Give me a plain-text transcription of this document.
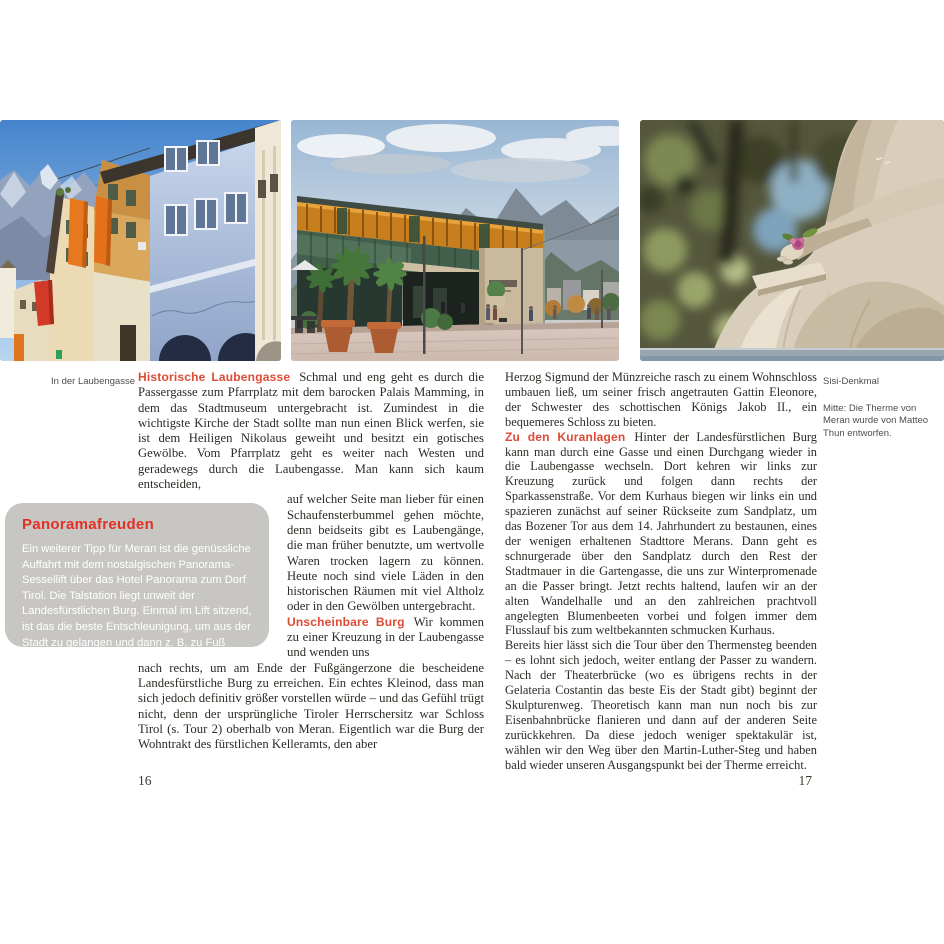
In der Laubengasse Historische Laubengasse Schmal und eng geht es durch die Passergasse zum Pfarrplatz mit dem barocken Palais Mamming, in dem das Stadtmuseum untergebracht ist. Zumindest in die wichtigste Kirche der Stadt sollte man nun einen Blick werfen, sie ist dem Heiligen Nikolaus geweiht und besitzt ein gotisches Gewölbe. Vom Pfarrplatz geht es weiter nach Westen und geradewegs durch die Laubengasse. Man kann sich kaum entscheiden,

auf welcher Seite man lieber für einen Schaufensterbummel gehen möchte, denn beidseits gibt es Laubengänge, die man früher benutzte, um wertvolle Waren trocken lagern zu können. Heute noch sind viele Läden in den historischen Räumen mit viel Altholz oder in den Gewölben untergebracht.

Unscheinbare Burg Wir kommen zu einer Kreuzung in der Laubengasse und wenden uns

nach rechts, um am Ende der Fußgängerzone die bescheidene Landesfürstliche Burg zu erreichen. Ein echtes Kleinod, dass man sich jedoch definitiv größer vorstellen würde – und das Gefühl trügt nicht, denn der ursprüngliche Tiroler Herrschersitz war Schloss Tirol (s. Tour 2) oberhalb von Meran. Eigentlich war die Burg der Wohntrakt des fürstlichen Kelleramts, den aber

Panoramafreuden
Ein weiterer Tipp für Meran ist die genüssliche Auffahrt mit dem nostalgischen Panorama-Sessellift über das Hotel Panorama zum Dorf Tirol. Die Talstation liegt unweit der Landesfürstlichen Burg. Einmal im Lift sitzend, ist das die beste Entschleunigung, um aus der Stadt zu gelangen und dann z. B. zu Fuß wieder nach Meran zurückzuwandern (panoramalift.it).

Herzog Sigmund der Münzreiche rasch zu einem Wohnschloss umbauen ließ, um seiner frisch angetrauten Gattin Eleonore, der Schwester des schottischen Königs Jakob II., ein bequemeres Schloss zu bieten.

Zu den Kuranlagen Hinter der Landesfürstlichen Burg kann man durch eine Gasse und einen Durchgang wieder in die Laubengasse wechseln. Dort kehren wir links zur Kreuzung zurück und folgen dann rechts der Sparkassenstraße. Vor dem Kurhaus biegen wir links ein und spazieren zunächst auf seiner Rückseite zum Sandplatz, um das Bozener Tor aus dem 14. Jahrhundert zu bestaunen, eines der wenigen erhaltenen Stadttore Merans. Dann geht es schnurgerade über den Sandplatz durch den Rest der Stadtmauer in die Gartengasse, die uns zur Winterpromenade an die Passer bringt. Jetzt rechts haltend, laufen wir an der alten Wandelhalle und an den zahlreichen prachtvoll angelegten Blumenbeeten vorbei und folgen immer dem Flusslauf bis zum weltbekannten schmucken Kurhaus.

Bereits hier lässt sich die Tour über den Thermensteg beenden – es lohnt sich jedoch, weiter entlang der Passer zu wandern. Nach der Theaterbrücke (wo es übrigens rechts in der Gelateria Costantin das beste Eis der Stadt gibt) beginnt der Skulpturenweg. Theoretisch kann man nun noch bis zur Eisenbahnbrücke flanieren und dann auf der anderen Seite zurückkehren. Da diese jedoch weniger spektakulär ist, wählen wir den Weg über den Martin-Luther-Steg und haben bald wieder unseren Ausgangspunkt bei der Therme erreicht.

Sisi-Denkmal
Mitte: Die Therme von Meran wurde von Matteo Thun entworfen.
16	17
